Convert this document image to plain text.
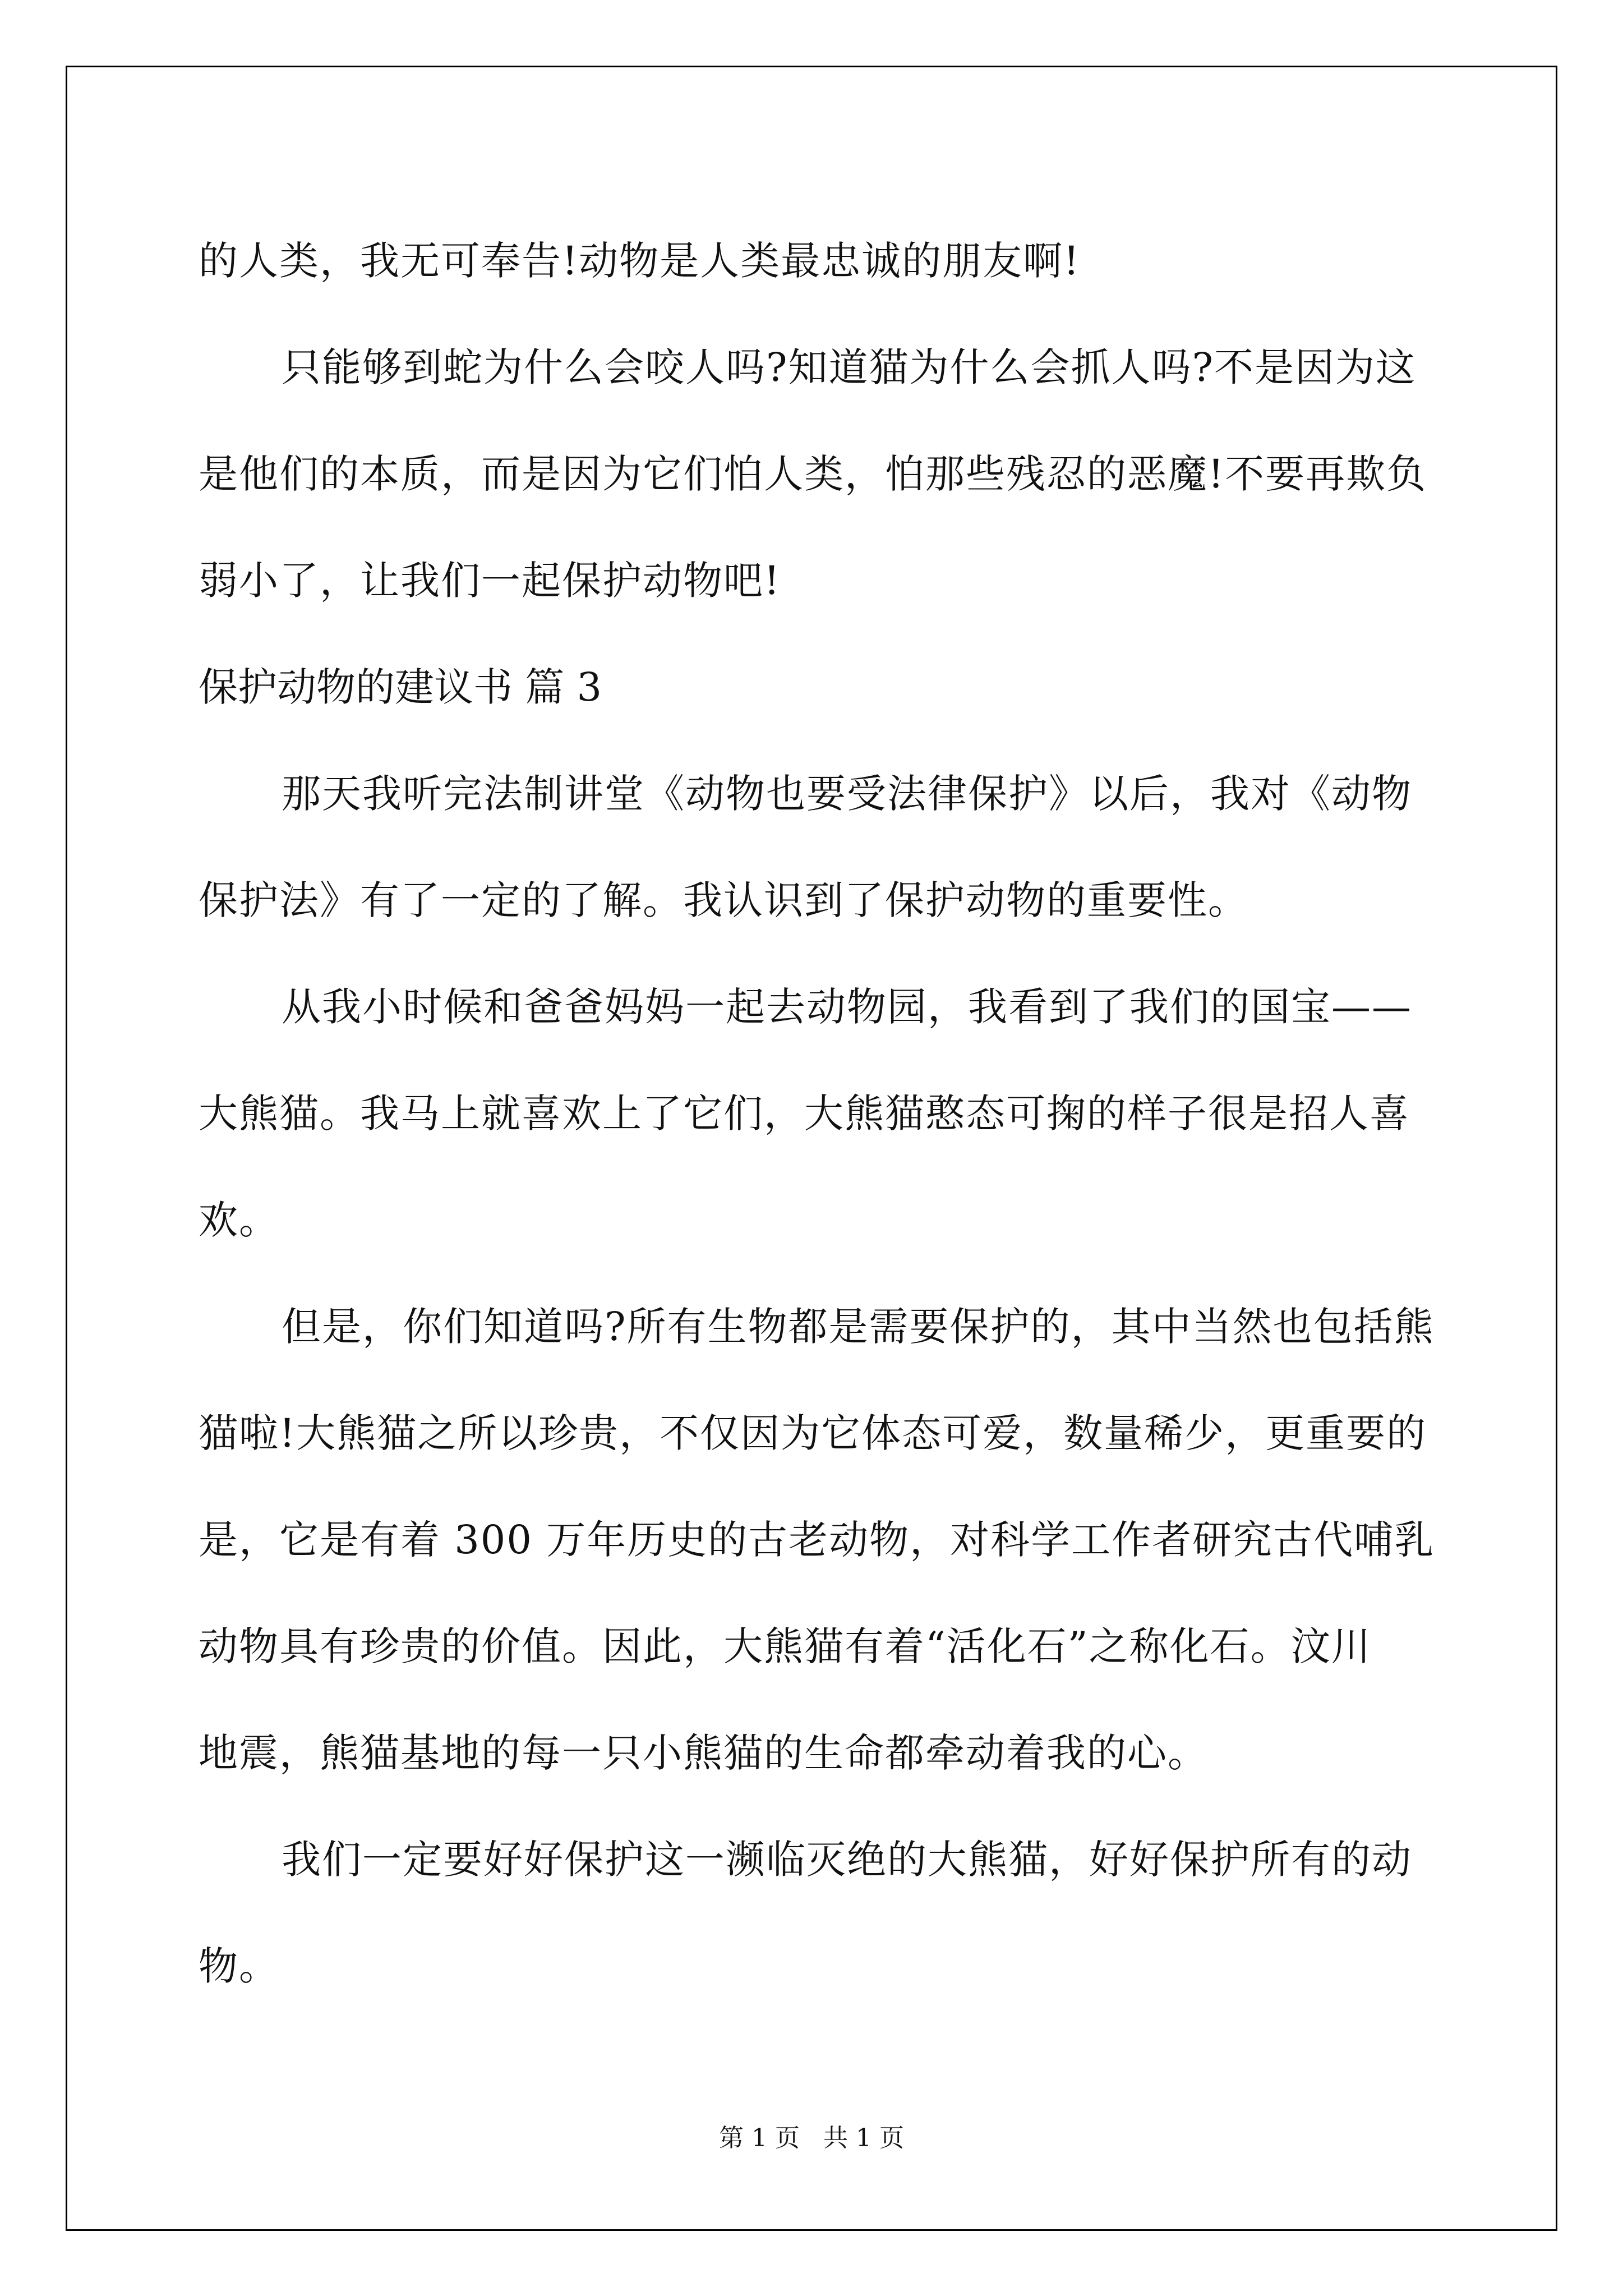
的人类，我无可奉告!动物是人类最忠诚的朋友啊!

只能够到蛇为什么会咬人吗?知道猫为什么会抓人吗?不是因为这

是他们的本质，而是因为它们怕人类，怕那些残忍的恶魔!不要再欺负

弱小了，让我们一起保护动物吧!

保护动物的建议书 篇 3

那天我听完法制讲堂《动物也要受法律保护》以后，我对《动物

保护法》有了一定的了解。我认识到了保护动物的重要性。

从我小时候和爸爸妈妈一起去动物园，我看到了我们的国宝——

大熊猫。我马上就喜欢上了它们，大熊猫憨态可掬的样子很是招人喜

欢。

但是，你们知道吗?所有生物都是需要保护的，其中当然也包括熊

猫啦!大熊猫之所以珍贵，不仅因为它体态可爱，数量稀少，更重要的

是，它是有着 300 万年历史的古老动物，对科学工作者研究古代哺乳

动物具有珍贵的价值。因此，大熊猫有着“活化石”之称化石。汶川

地震，熊猫基地的每一只小熊猫的生命都牵动着我的心。

我们一定要好好保护这一濒临灭绝的大熊猫，好好保护所有的动

物。

第 1 页   共 1 页
